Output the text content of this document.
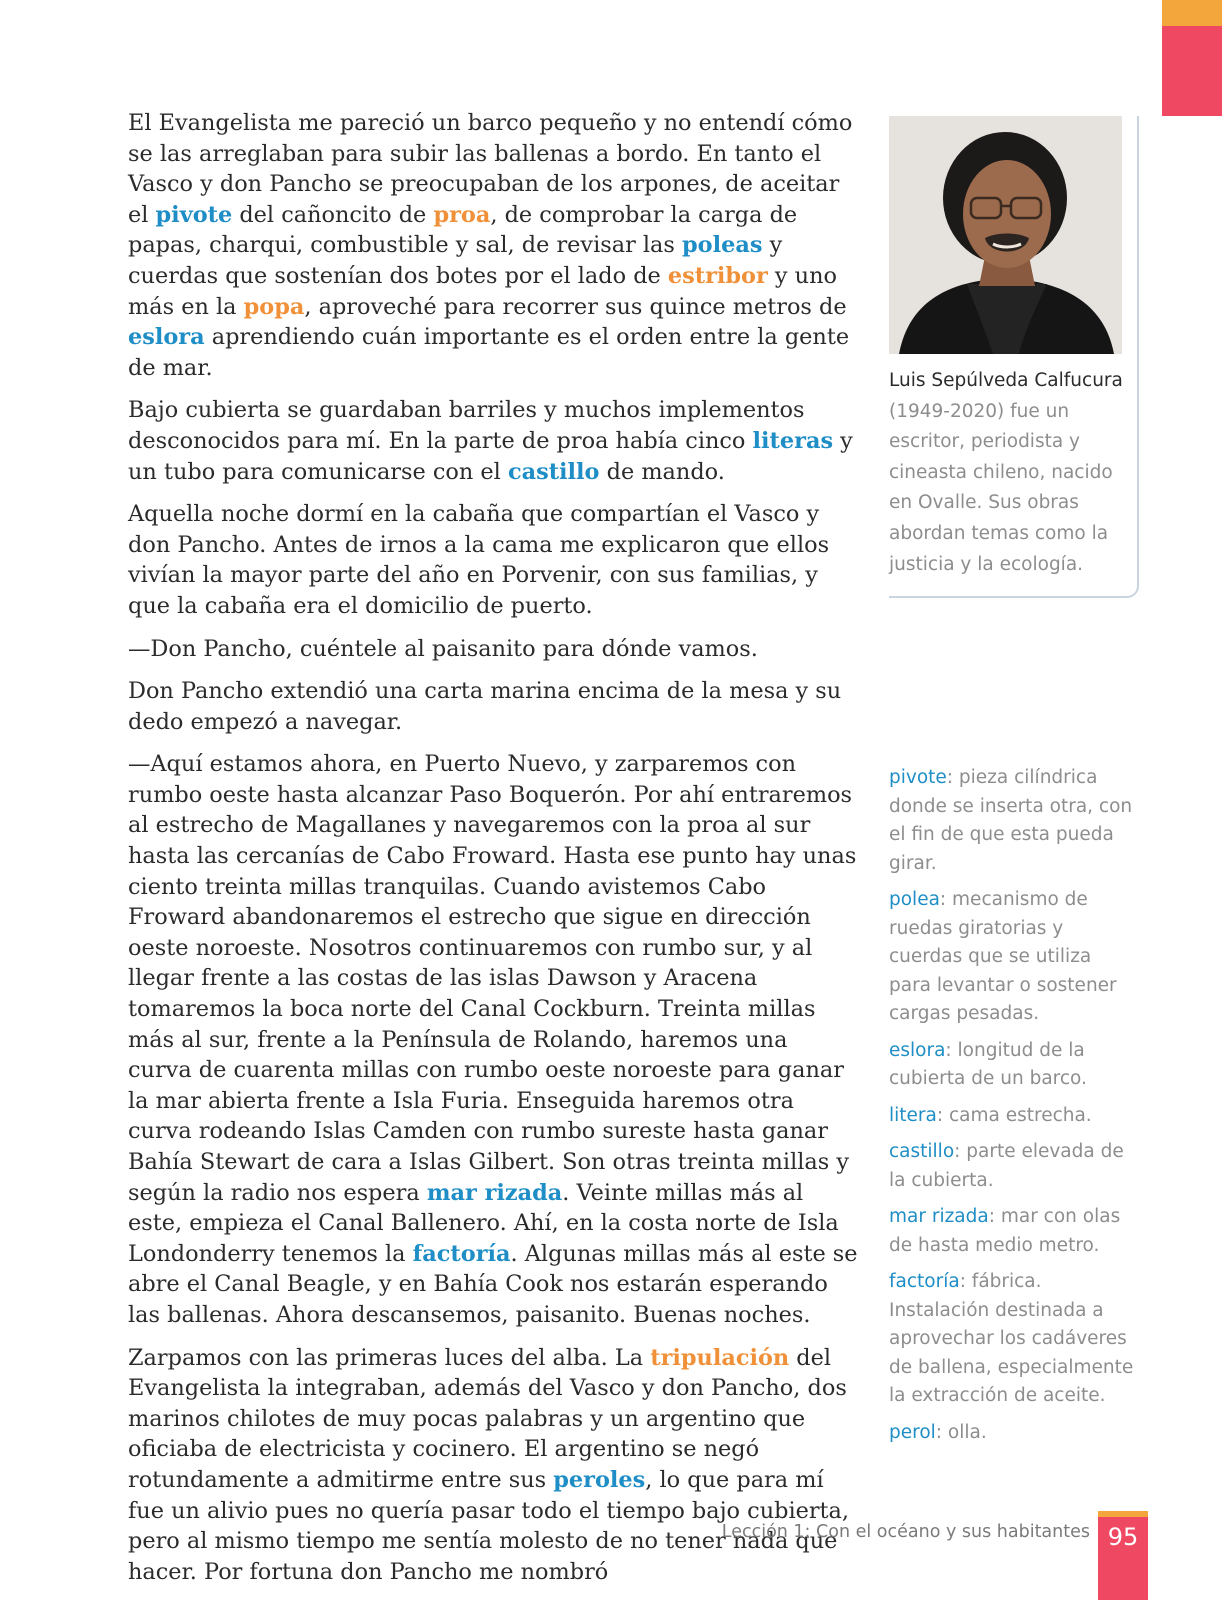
El Evangelista me pareció un barco pequeño y no entendí cómo se las arreglaban para subir las ballenas a bordo. En tanto el Vasco y don Pancho se preocupaban de los arpones, de aceitar el pivote del cañoncito de proa, de comprobar la carga de papas, charqui, combustible y sal, de revisar las poleas y cuerdas que sostenían dos botes por el lado de estribor y uno más en la popa, aproveché para recorrer sus quince metros de eslora aprendiendo cuán importante es el orden entre la gente de mar.

Bajo cubierta se guardaban barriles y muchos implementos desconocidos para mí. En la parte de proa había cinco literas y un tubo para comunicarse con el castillo de mando.

Aquella noche dormí en la cabaña que compartían el Vasco y don Pancho. Antes de irnos a la cama me explicaron que ellos vivían la mayor parte del año en Porvenir, con sus familias, y que la cabaña era el domicilio de puerto.

—Don Pancho, cuéntele al paisanito para dónde vamos.

Don Pancho extendió una carta marina encima de la mesa y su dedo empezó a navegar.

—Aquí estamos ahora, en Puerto Nuevo, y zarparemos con rumbo oeste hasta alcanzar Paso Boquerón. Por ahí entraremos al estrecho de Magallanes y navegaremos con la proa al sur hasta las cercanías de Cabo Froward. Hasta ese punto hay unas ciento treinta millas tranquilas. Cuando avistemos Cabo Froward abandonaremos el estrecho que sigue en dirección oeste noroeste. Nosotros continuaremos con rumbo sur, y al llegar frente a las costas de las islas Dawson y Aracena tomaremos la boca norte del Canal Cockburn. Treinta millas más al sur, frente a la Península de Rolando, haremos una curva de cuarenta millas con rumbo oeste noroeste para ganar la mar abierta frente a Isla Furia. Enseguida haremos otra curva rodeando Islas Camden con rumbo sureste hasta ganar Bahía Stewart de cara a Islas Gilbert. Son otras treinta millas y según la radio nos espera mar rizada. Veinte millas más al este, empieza el Canal Ballenero. Ahí, en la costa norte de Isla Londonderry tenemos la factoría. Algunas millas más al este se abre el Canal Beagle, y en Bahía Cook nos estarán esperando las ballenas. Ahora descansemos, paisanito. Buenas noches.

Zarpamos con las primeras luces del alba. La tripulación del Evangelista la integraban, además del Vasco y don Pancho, dos marinos chilotes de muy pocas palabras y un argentino que oficiaba de electricista y cocinero. El argentino se negó rotundamente a admitirme entre sus peroles, lo que para mí fue un alivio pues no quería pasar todo el tiempo bajo cubierta, pero al mismo tiempo me sentía molesto de no tener nada que hacer. Por fortuna don Pancho me nombró

Luis Sepúlveda Calfucura
(1949-2020) fue un escritor, periodista y cineasta chileno, nacido en Ovalle. Sus obras abordan temas como la justicia y la ecología.
pivote: pieza cilíndrica donde se inserta otra, con el fin de que esta pueda girar.
polea: mecanismo de ruedas giratorias y cuerdas que se utiliza para levantar o sostener cargas pesadas.
eslora: longitud de la cubierta de un barco.
litera: cama estrecha.
castillo: parte elevada de la cubierta.
mar rizada: mar con olas de hasta medio metro.
factoría: fábrica. Instalación destinada a aprovechar los cadáveres de ballena, especialmente la extracción de aceite.
perol: olla.
Lección 1: Con el océano y sus habitantes 95
